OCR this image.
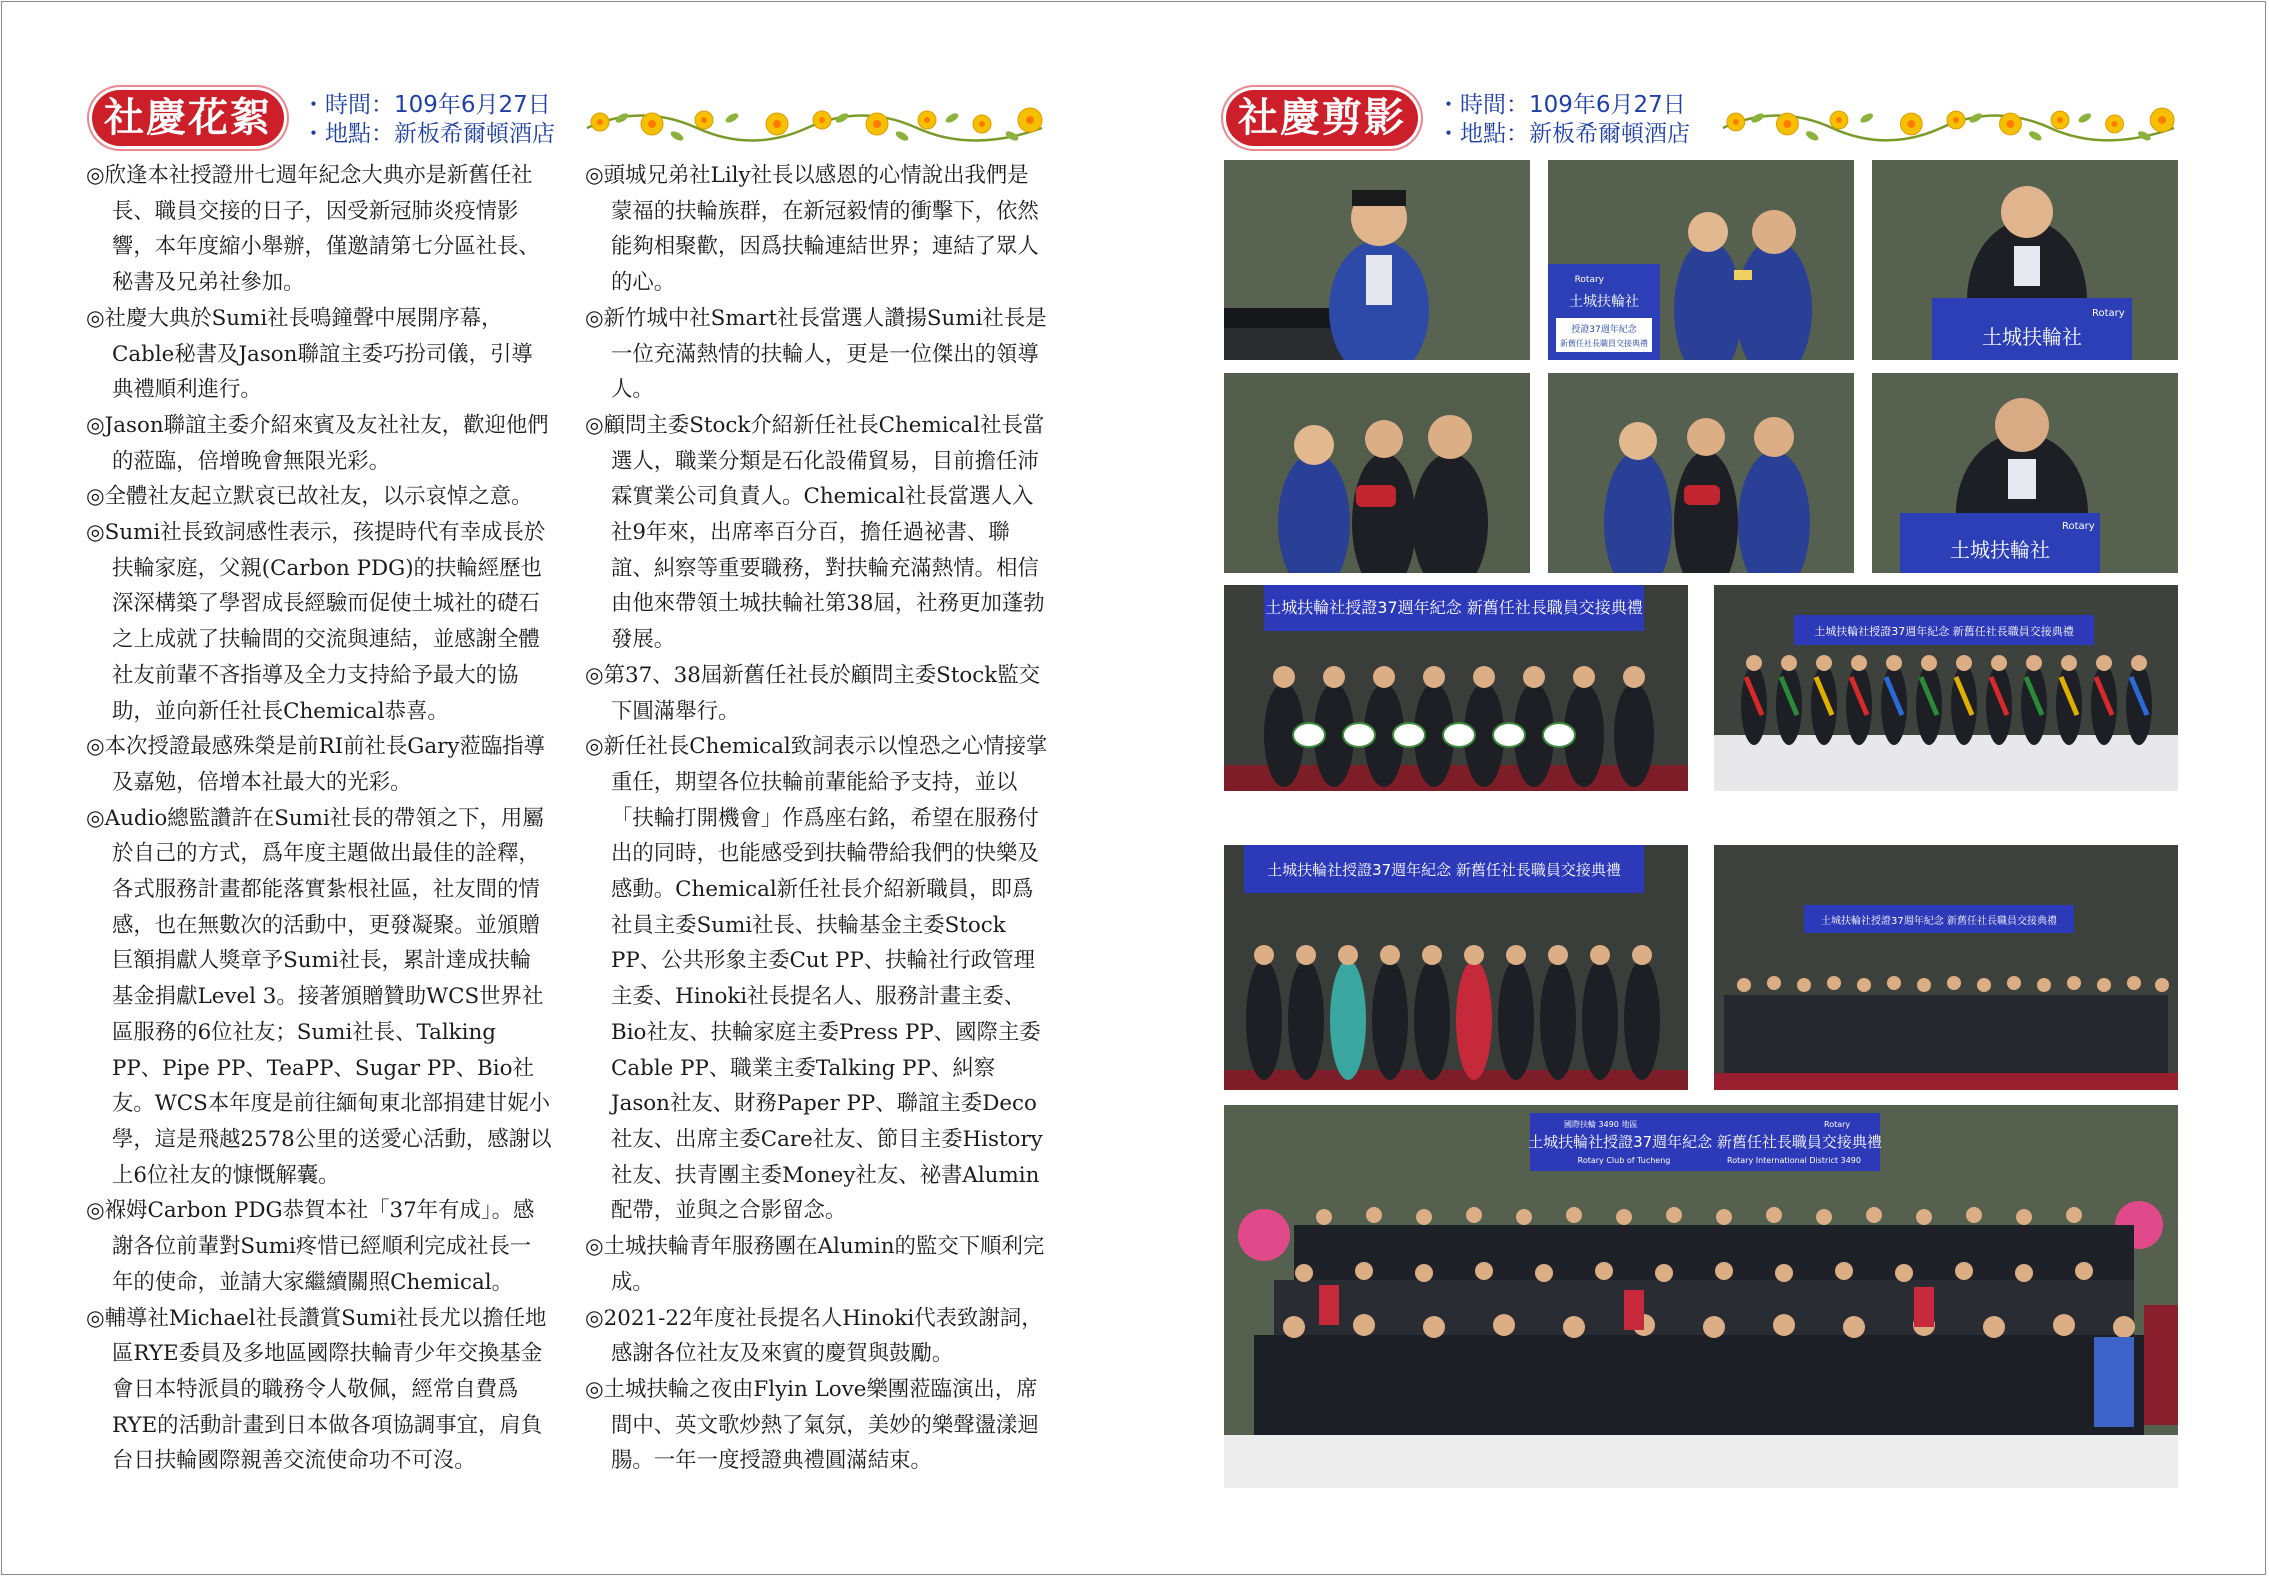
社慶花絮	・時間：109年6月27日
・地點：新板希爾頓酒店

◎欣逢本社授證卅七週年紀念大典亦是新舊任社長、職員交接的日子，因受新冠肺炎疫情影響，本年度縮小舉辦，僅邀請第七分區社長、秘書及兄弟社參加。

◎社慶大典於Sumi社長鳴鐘聲中展開序幕，Cable秘書及Jason聯誼主委巧扮司儀，引導典禮順利進行。

◎Jason聯誼主委介紹來賓及友社社友，歡迎他們的蒞臨，倍增晚會無限光彩。

◎全體社友起立默哀已故社友，以示哀悼之意。

◎Sumi社長致詞感性表示，孩提時代有幸成長於扶輪家庭，父親(Carbon PDG)的扶輪經歷也深深構築了學習成長經驗而促使土城社的礎石之上成就了扶輪間的交流與連結，並感謝全體社友前輩不吝指導及全力支持給予最大的協助，並向新任社長Chemical恭喜。

◎本次授證最感殊榮是前RI前社長Gary蒞臨指導及嘉勉，倍增本社最大的光彩。

◎Audio總監讚許在Sumi社長的帶領之下，用屬於自己的方式，爲年度主題做出最佳的詮釋，各式服務計畫都能落實紮根社區，社友間的情感，也在無數次的活動中，更發凝聚。並頒贈巨額捐獻人獎章予Sumi社長，累計達成扶輪基金捐獻Level 3。接著頒贈贊助WCS世界社區服務的6位社友；Sumi社長、Talking PP、Pipe PP、TeaPP、Sugar PP、Bio社友。WCS本年度是前往緬甸東北部捐建甘妮小學，這是飛越2578公里的送愛心活動，感謝以上6位社友的慷慨解囊。

◎褓姆Carbon PDG恭賀本社「37年有成」。感謝各位前輩對Sumi疼惜已經順利完成社長一年的使命，並請大家繼續關照Chemical。

◎輔導社Michael社長讚賞Sumi社長尤以擔任地區RYE委員及多地區國際扶輪青少年交換基金會日本特派員的職務令人敬佩，經常自費爲RYE的活動計畫到日本做各項協調事宜，肩負台日扶輪國際親善交流使命功不可沒。

◎頭城兄弟社Lily社長以感恩的心情說出我們是蒙福的扶輪族群，在新冠毅情的衝擊下，依然能夠相聚歡，因爲扶輪連結世界；連結了眾人的心。

◎新竹城中社Smart社長當選人讚揚Sumi社長是一位充滿熱情的扶輪人，更是一位傑出的領導人。

◎顧問主委Stock介紹新任社長Chemical社長當選人，職業分類是石化設備貿易，目前擔任沛霖實業公司負責人。Chemical社長當選人入社9年來，出席率百分百，擔任過祕書、聯誼、糾察等重要職務，對扶輪充滿熱情。相信由他來帶領土城扶輪社第38屆，社務更加蓬勃發展。

◎第37、38屆新舊任社長於顧問主委Stock監交下圓滿舉行。

◎新任社長Chemical致詞表示以惶恐之心情接掌重任，期望各位扶輪前輩能給予支持，並以「扶輪打開機會」作爲座右銘，希望在服務付出的同時，也能感受到扶輪帶給我們的快樂及感動。Chemical新任社長介紹新職員，即爲社員主委Sumi社長、扶輪基金主委Stock PP、公共形象主委Cut PP、扶輪社行政管理主委、Hinoki社長提名人、服務計畫主委、Bio社友、扶輪家庭主委Press PP、國際主委Cable PP、職業主委Talking PP、糾察Jason社友、財務Paper PP、聯誼主委Deco社友、出席主委Care社友、節目主委History社友、扶青團主委Money社友、祕書Alumin配帶，並與之合影留念。

◎土城扶輪青年服務團在Alumin的監交下順利完成。

◎2021-22年度社長提名人Hinoki代表致謝詞，感謝各位社友及來賓的慶賀與鼓勵。

◎土城扶輪之夜由Flyin Love樂團蒞臨演出，席間中、英文歌炒熱了氣氛，美妙的樂聲盪漾迴腸。一年一度授證典禮圓滿結束。

社慶剪影	・時間：109年6月27日
・地點：新板希爾頓酒店
Rotary
土城扶輪社
授證37週年紀念
新舊任社長職員交接典禮
Rotary
土城扶輪社
Rotary
土城扶輪社
土城扶輪社授證37週年紀念 新舊任社長職員交接典禮
土城扶輪社授證37週年紀念 新舊任社長職員交接典禮
土城扶輪社授證37週年紀念 新舊任社長職員交接典禮
土城扶輪社授證37週年紀念 新舊任社長職員交接典禮
國際扶輪 3490 地區	Rotary
土城扶輪社授證37週年紀念 新舊任社長職員交接典禮
Rotary Club of Tucheng	Rotary International District 3490
